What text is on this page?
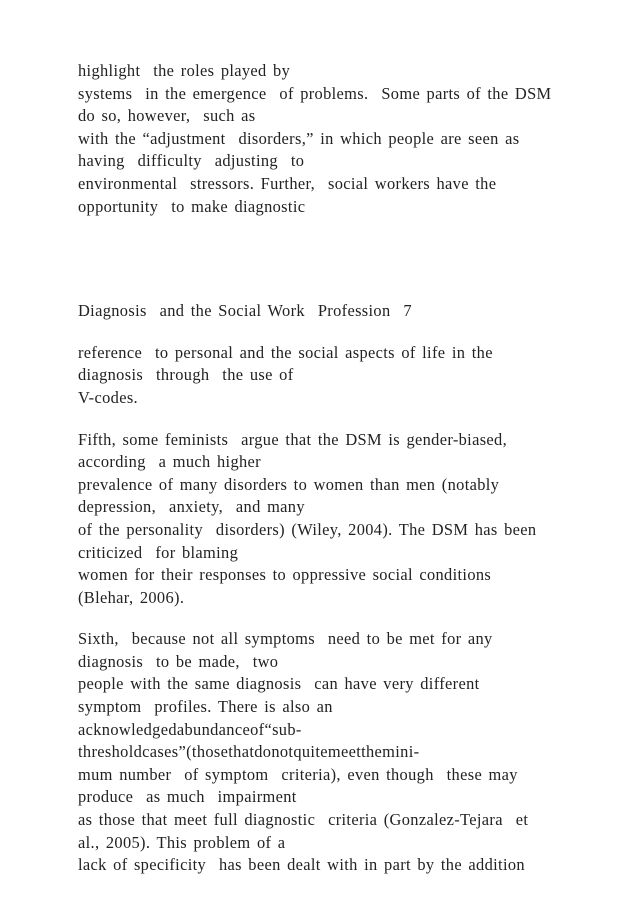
highlight  the roles played by
systems  in the emergence  of problems.  Some parts of the DSM
do so, however,  such as
with the “adjustment  disorders,” in which people are seen as
having  difficulty  adjusting  to
environmental  stressors. Further,  social workers have the
opportunity  to make diagnostic
Diagnosis  and the Social Work  Profession  7
reference  to personal and the social aspects of life in the
diagnosis  through  the use of
V-codes.
Fifth, some feminists  argue that the DSM is gender-biased,
according  a much higher
prevalence of many disorders to women than men (notably
depression,  anxiety,  and many
of the personality  disorders) (Wiley, 2004). The DSM has been
criticized  for blaming
women for their responses to oppressive social conditions
(Blehar, 2006).
Sixth,  because not all symptoms  need to be met for any
diagnosis  to be made,  two
people with the same diagnosis  can have very different
symptom  profiles. There is also an
acknowledgedabundanceof“sub-
thresholdcases”(thosethatdonotquitemeetthemini-
mum number  of symptom  criteria), even though  these may
produce  as much  impairment
as those that meet full diagnostic  criteria (Gonzalez-Tejara  et
al., 2005). This problem of a
lack of specificity  has been dealt with in part by the addition
